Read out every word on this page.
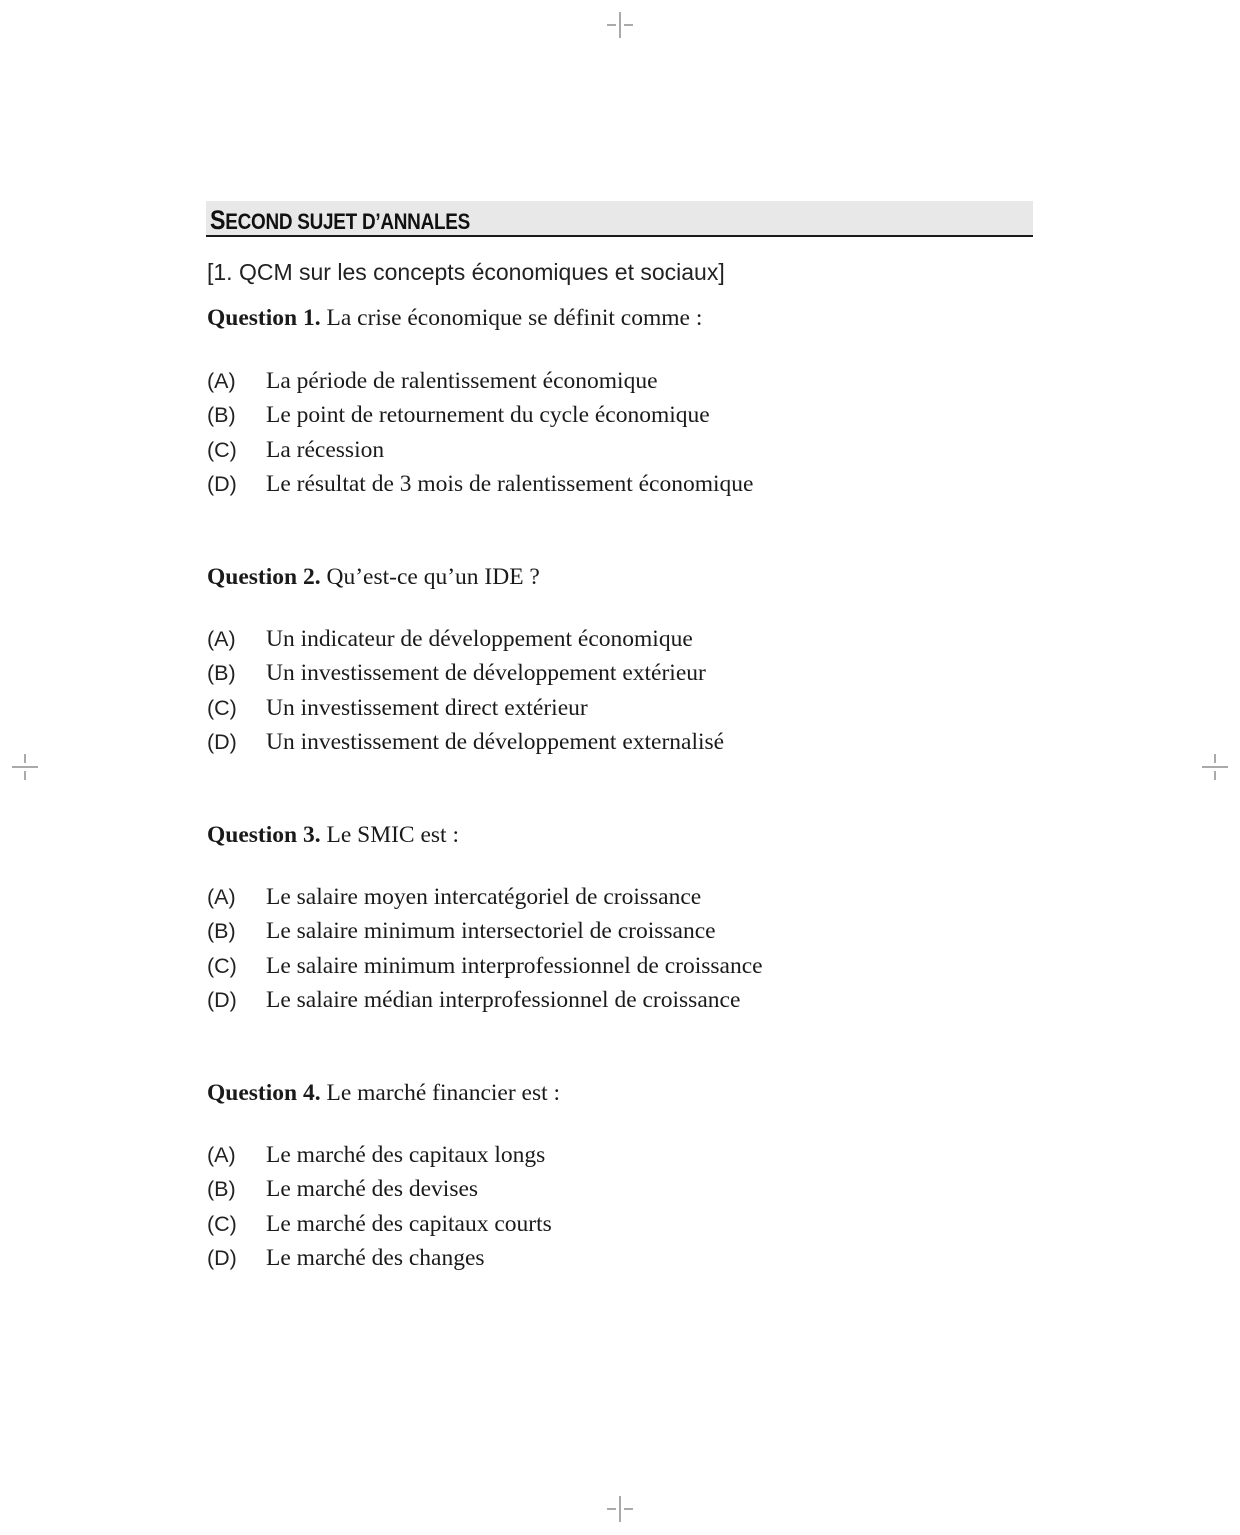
SECOND SUJET D’ANNALES

[1. QCM sur les concepts économiques et sociaux]

Question 1. La crise économique se définit comme :

(A) La période de ralentissement économique
(B) Le point de retournement du cycle économique
(C) La récession
(D) Le résultat de 3 mois de ralentissement économique

Question 2. Qu’est-ce qu’un IDE ?

(A) Un indicateur de développement économique
(B) Un investissement de développement extérieur
(C) Un investissement direct extérieur
(D) Un investissement de développement externalisé

Question 3. Le SMIC est :

(A) Le salaire moyen intercatégoriel de croissance
(B) Le salaire minimum intersectoriel de croissance
(C) Le salaire minimum interprofessionnel de croissance
(D) Le salaire médian interprofessionnel de croissance

Question 4. Le marché financier est :

(A) Le marché des capitaux longs
(B) Le marché des devises
(C) Le marché des capitaux courts
(D) Le marché des changes
